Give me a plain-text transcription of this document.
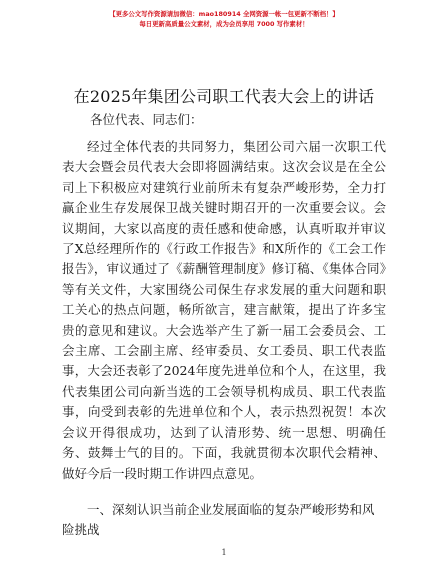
【更多公文写作资源请加微信：mao180914 全网资源一帐一包更新不断档！】
每日更新高质量公文素材，成为会员享用 7000 写作素材！
在2025年集团公司职工代表大会上的讲话
各位代表、同志们：
经过全体代表的共同努力，集团公司六届一次职工代表大会暨会员代表大会即将圆满结束。这次会议是在全公司上下积极应对建筑行业前所未有复杂严峻形势，全力打赢企业生存发展保卫战关键时期召开的一次重要会议。会议期间，大家以高度的责任感和使命感，认真听取并审议了X总经理所作的《行政工作报告》和X所作的《工会工作报告》，审议通过了《薪酬管理制度》修订稿、《集体合同》等有关文件，大家围绕公司保生存求发展的重大问题和职工关心的热点问题，畅所欲言，建言献策，提出了许多宝贵的意见和建议。大会选举产生了新一届工会委员会、工会主席、工会副主席、经审委员、女工委员、职工代表监事，大会还表彰了2024年度先进单位和个人，在这里，我代表集团公司向新当选的工会领导机构成员、职工代表监事，向受到表彰的先进单位和个人，表示热烈祝贺！本次会议开得很成功，达到了认清形势、统一思想、明确任务、鼓舞士气的目的。下面，我就贯彻本次职代会精神、做好今后一段时期工作讲四点意见。
一、深刻认识当前企业发展面临的复杂严峻形势和风险挑战
1
